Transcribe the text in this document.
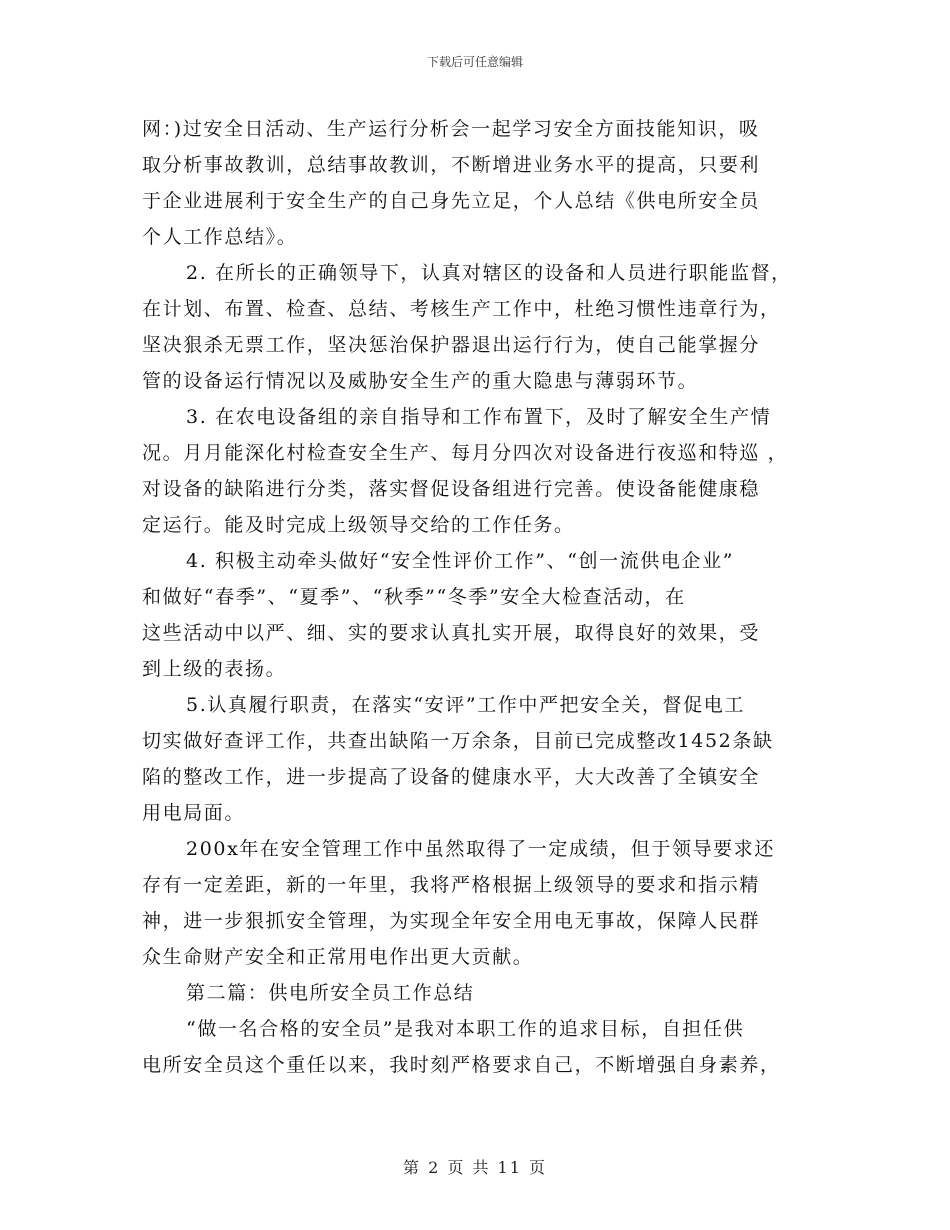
下载后可任意编辑
网：)过安全日活动、生产运行分析会一起学习安全方面技能知识，吸
取分析事故教训，总结事故教训，不断增进业务水平的提高，只要利
于企业进展利于安全生产的自己身先立足，个人总结《供电所安全员
个人工作总结》。
2. 在所长的正确领导下，认真对辖区的设备和人员进行职能监督，
在计划、布置、检查、总结、考核生产工作中，杜绝习惯性违章行为，
坚决狠杀无票工作，坚决惩治保护器退出运行行为，使自己能掌握分
管的设备运行情况以及威胁安全生产的重大隐患与薄弱环节。
3. 在农电设备组的亲自指导和工作布置下，及时了解安全生产情
况。月月能深化村检查安全生产、每月分四次对设备进行夜巡和特巡 ，
对设备的缺陷进行分类，落实督促设备组进行完善。使设备能健康稳
定运行。能及时完成上级领导交给的工作任务。
4. 积极主动牵头做好“安全性评价工作”、“创一流供电企业”
和做好“春季”、“夏季”、“秋季”“冬季”安全大检查活动，在
这些活动中以严、细、实的要求认真扎实开展，取得良好的效果，受
到上级的表扬。
5.认真履行职责，在落实“安评”工作中严把安全关，督促电工
切实做好查评工作，共查出缺陷一万余条，目前已完成整改1452条缺
陷的整改工作，进一步提高了设备的健康水平，大大改善了全镇安全
用电局面。
200x年在安全管理工作中虽然取得了一定成绩，但于领导要求还
存有一定差距，新的一年里，我将严格根据上级领导的要求和指示精
神，进一步狠抓安全管理，为实现全年安全用电无事故，保障人民群
众生命财产安全和正常用电作出更大贡献。
第二篇：供电所安全员工作总结
“做一名合格的安全员”是我对本职工作的追求目标，自担任供
电所安全员这个重任以来，我时刻严格要求自己，不断增强自身素养，
第 2 页 共 11 页
